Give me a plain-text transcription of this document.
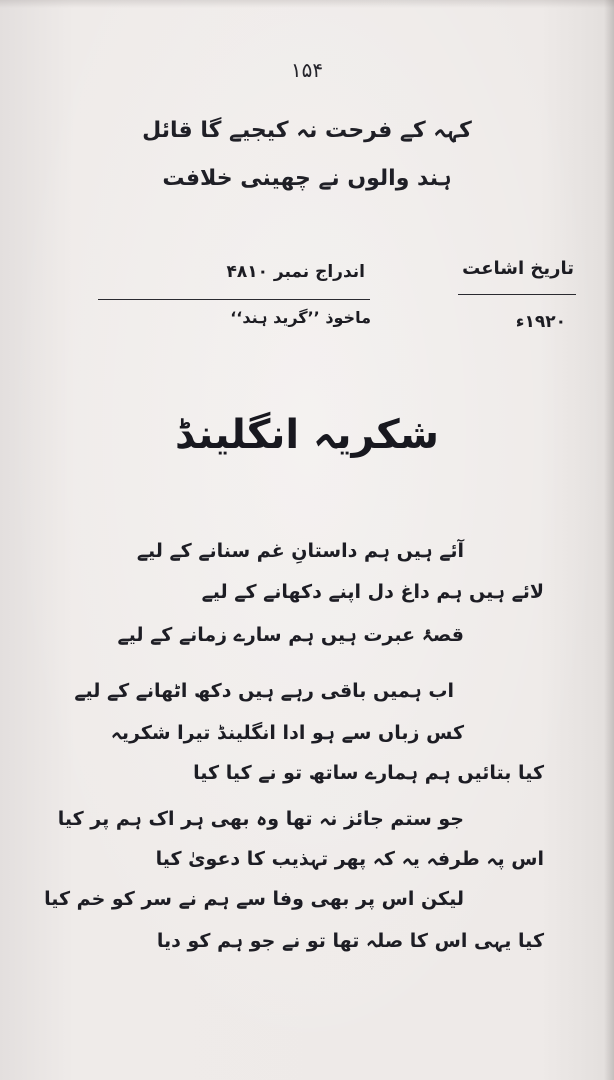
۱۵۴
کہہ کے فرحت نہ کیجیے گا قائل
ہند والوں نے چھینی خلافت
تاریخ اشاعت
۱۹۲۰ء
اندراج نمبر ۴۸۱۰
ماخوذ ’’گرید ہند‘‘
شکریہ انگلینڈ
آئے ہیں ہم داستانِ غم سنانے کے لیے
لائے ہیں ہم داغ دل اپنے دکھانے کے لیے
قصۂ عبرت ہیں ہم سارے زمانے کے لیے
اب ہمیں باقی رہے ہیں دکھ اٹھانے کے لیے
کس زباں سے ہو ادا انگلینڈ تیرا شکریہ
کیا بتائیں ہم ہمارے ساتھ تو نے کیا کیا
جو ستم جائز نہ تھا وہ بھی ہر اک ہم پر کیا
اس پہ طرفہ یہ کہ پھر تہذیب کا دعویٰ کیا
لیکن اس پر بھی وفا سے ہم نے سر کو خم کیا
کیا یہی اس کا صلہ تھا تو نے جو ہم کو دیا
